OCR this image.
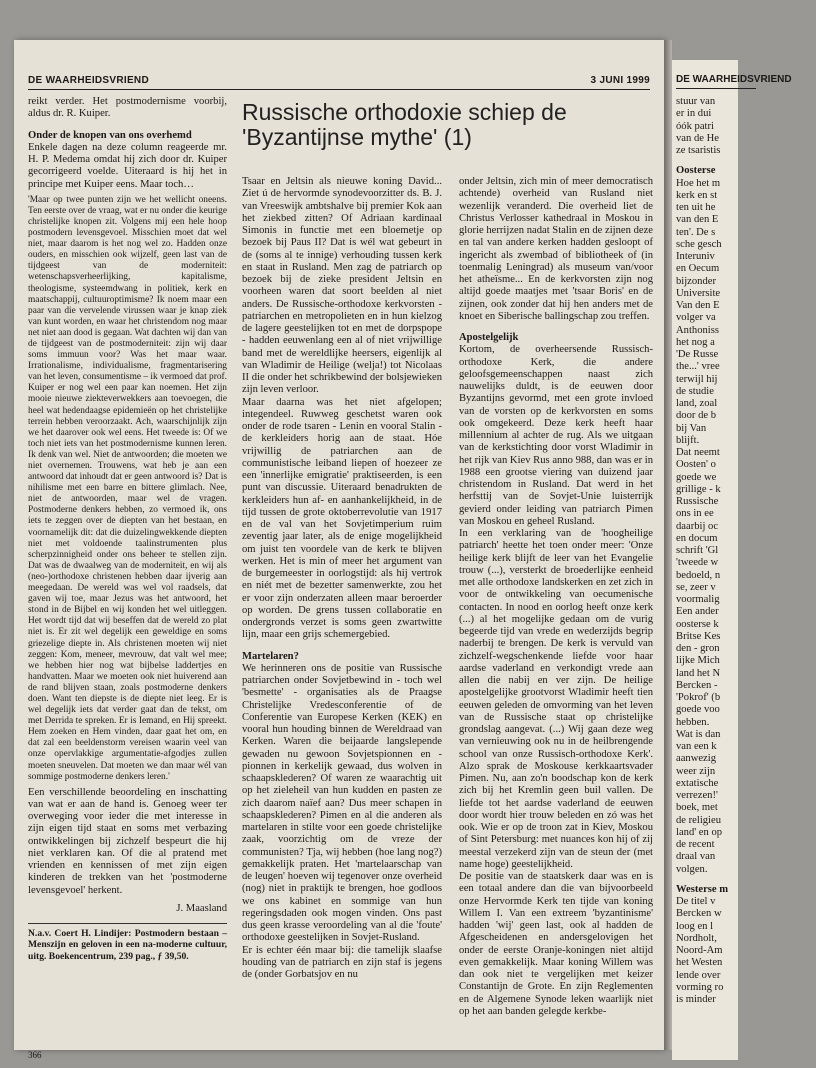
DE WAARHEIDSVRIEND	3 JUNI 1999

reikt verder. Het postmodernisme voorbij, aldus dr. R. Kuiper.

Onder de knopen van ons overhemd

Enkele dagen na deze column reageerde mr. H. P. Medema omdat hij zich door dr. Kuiper gecorrigeerd voelde. Uiteraard is hij het in principe met Kuiper eens. Maar toch…

'Maar op twee punten zijn we het wellicht oneens. Ten eerste over de vraag, wat er nu onder die keurige christelijke knopen zit. Volgens mij een hele hoop postmodern levensgevoel. Misschien moet dat wel niet, maar daarom is het nog wel zo. Hadden onze ouders, en misschien ook wijzelf, geen last van de tijdgeest van de moderniteit: wetenschapsverheerlijking, kapitalisme, theologisme, systeemdwang in politiek, kerk en maatschappij, cultuuroptimisme? Ik noem maar een paar van die vervelende virussen waar je knap ziek van kunt worden, en waar het christendom nog maar net niet aan dood is gegaan. Wat dachten wij dan van de tijdgeest van de postmoderniteit: zijn wij daar soms immuun voor? Was het maar waar. Irrationalisme, individualisme, fragmentarisering van het leven, consumentisme – ik vermoed dat prof. Kuiper er nog wel een paar kan noemen. Het zijn mooie nieuwe ziekteverwekkers aan toevoegen, die heel wat hedendaagse epidemieën op het christelijke terrein hebben veroorzaakt. Ach, waarschijnlijk zijn we het daarover ook wel eens. Het tweede is: Of we toch niet iets van het postmodernisme kunnen leren. Ik denk van wel. Niet de antwoorden; die moeten we niet overnemen. Trouwens, wat heb je aan een antwoord dat inhoudt dat er geen antwoord is? Dat is nihilisme met een barre en bittere glimlach. Nee, niet de antwoorden, maar wel de vragen. Postmoderne denkers hebben, zo vermoed ik, ons iets te zeggen over de diepten van het bestaan, en voornamelijk dit: dat die duizelingwekkende diepten niet met voldoende taalinstrumenten plus scherpzinnigheid onder ons beheer te stellen zijn. Dat was de dwaalweg van de moderniteit, en wij als (neo-)orthodoxe christenen hebben daar ijverig aan meegedaan. De wereld was wel vol raadsels, dat gaven wij toe, maar Jezus was het antwoord, het stond in de Bijbel en wij konden het wel uitleggen. Het wordt tijd dat wij beseffen dat de wereld zo plat niet is. Er zit wel degelijk een geweldige en soms griezelige diepte in. Als christenen moeten wij niet zeggen: Kom, meneer, mevrouw, dat valt wel mee; we hebben hier nog wat bijbelse laddertjes en handvatten. Maar we moeten ook niet huiverend aan de rand blijven staan, zoals postmoderne denkers doen. Want ten diepste is de diepte niet leeg. Er is wel degelijk iets dat verder gaat dan de tekst, om met Derrida te spreken. Er is Iemand, en Hij spreekt. Hem zoeken en Hem vinden, daar gaat het om, en dat zal een beeldenstorm vereisen waarin veel van onze opervlakkige argumentatie-afgodjes zullen moeten sneuvelen. Dat moeten we dan maar wél van sommige postmoderne denkers leren.'

Een verschillende beoordeling en inschatting van wat er aan de hand is. Genoeg weer ter overweging voor ieder die met interesse in zijn eigen tijd staat en soms met verbazing ontwikkelingen bij zichzelf bespeurt die hij niet verklaren kan. Of die al pratend met vrienden en kennissen of met zijn eigen kinderen de trekken van het 'postmoderne levensgevoel' herkent.

J. Maasland

N.a.v. Coert H. Lindijer: Postmodern bestaan – Menszijn en geloven in een na-moderne cultuur, uitg. Boekencentrum, 239 pag., ƒ 39,50.

Russische orthodoxie schiep de 'Byzantijnse mythe' (1)

Tsaar en Jeltsin als nieuwe koning David... Ziet ú de hervormde synodevoorzitter ds. B. J. van Vreeswijk ambtshalve bij premier Kok aan het ziekbed zitten? Of Adriaan kardinaal Simonis in functie met een bloemetje op bezoek bij Paus II? Dat is wél wat gebeurt in de (soms al te innige) verhouding tussen kerk en staat in Rusland. Men zag de patriarch op bezoek bij de zieke president Jeltsin en voorheen waren dat soort beelden al niet anders. De Russische-orthodoxe kerkvorsten - patriarchen en metropolieten en in hun kielzog de lagere geestelijken tot en met de dorpspope - hadden eeuwenlang een al of niet vrijwillige band met de wereldlijke heersers, eigenlijk al van Wladimir de Heilige (welja!) tot Nicolaas II die onder het schrikbewind der bolsjewieken zijn leven verloor.

Maar daarna was het niet afgelopen; integendeel. Ruwweg geschetst waren ook onder de rode tsaren - Lenin en vooral Stalin - de kerkleiders horig aan de staat. Hóe vrijwillig de patriarchen aan de communistische leiband liepen of hoezeer ze een 'innerlijke emigratie' praktiseerden, is een punt van discussie. Uiteraard benadrukten de kerkleiders hun af- en aanhankelijkheid, in de tijd tussen de grote oktoberrevolutie van 1917 en de val van het Sovjetimperium ruim zeventig jaar later, als de enige mogelijkheid om juist ten voordele van de kerk te blijven werken. Het is min of meer het argument van de burgemeester in oorlogstijd: als hij vertrok en niét met de bezetter samenwerkte, zou het er voor zijn onderzaten alleen maar beroerder op worden. De grens tussen collaboratie en ondergronds verzet is soms geen zwartwitte lijn, maar een grijs schemergebied.

Martelaren?

We herinneren ons de positie van Russische patriarchen onder Sovjetbewind in - toch wel 'besmette' - organisaties als de Praagse Christelijke Vredesconferentie of de Conferentie van Europese Kerken (KEK) en vooral hun houding binnen de Wereldraad van Kerken. Waren die beijaarde langslepende gewaden nu gewoon Sovjetspionnen en -pionnen in kerkelijk gewaad, dus wolven in schaapsklederen? Of waren ze waarachtig uit op het zieleheil van hun kudden en pasten ze zich daarom naïef aan? Dus meer schapen in schaapsklederen? Pimen en al die anderen als martelaren in stilte voor een goede christelijke zaak, voorzichtig om de vreze der communisten? Tja, wij hebben (hoe lang nog?) gemakkelijk praten. Het 'martelaarschap van de leugen' hoeven wij tegenover onze overheid (nog) niet in praktijk te brengen, hoe godloos we ons kabinet en sommige van hun regeringsdaden ook mogen vinden. Ons past dus geen krasse veroordeling van al die 'foute' orthodoxe geestelijken in Sovjet-Rusland.

Er is echter één maar bij: die tamelijk slaafse houding van de patriarch en zijn staf is jegens de (onder Gorbatsjov en nu

onder Jeltsin, zich min of meer democratisch achtende) overheid van Rusland niet wezenlijk veranderd. Die overheid liet de Christus Verlosser kathedraal in Moskou in glorie herrijzen nadat Stalin en de zijnen deze en tal van andere kerken hadden gesloopt of ingericht als zwembad of bibliotheek of (in toenmalig Leningrad) als museum van/voor het atheïsme... En de kerkvorsten zijn nog altijd goede maatjes met 'tsaar Boris' en de zijnen, ook zonder dat hij hen anders met de knoet en Siberische ballingschap zou treffen.

Apostelgelijk

Kortom, de overheersende Russisch-orthodoxe Kerk, die andere geloofsgemeenschappen naast zich nauwelijks duldt, is de eeuwen door Byzantijns gevormd, met een grote invloed van de vorsten op de kerkvorsten en soms ook omgekeerd. Deze kerk heeft haar millennium al achter de rug. Als we uitgaan van de kerkstichting door vorst Wladimir in het rijk van Kiev Rus anno 988, dan was er in 1988 een grootse viering van duizend jaar christendom in Rusland. Dat werd in het herfsttij van de Sovjet-Unie luisterrijk gevierd onder leiding van patriarch Pimen van Moskou en geheel Rusland.

In een verklaring van de 'hoogheilige patriarch' heette het toen onder meer: 'Onze heilige kerk blijft de leer van het Evangelie trouw (...), versterkt de broederlijke eenheid met alle orthodoxe landskerken en zet zich in voor de ontwikkeling van oecumenische contacten. In nood en oorlog heeft onze kerk (...) al het mogelijke gedaan om de vurig begeerde tijd van vrede en wederzijds begrip naderbij te brengen. De kerk is vervuld van zichzelf-wegschenkende liefde voor haar aardse vaderland en verkondigt vrede aan allen die nabij en ver zijn. De heilige apostelgelijke grootvorst Wladimir heeft tien eeuwen geleden de omvorming van het leven van de Russische staat op christelijke grondslag aangevat. (...) Wij gaan deze weg van vernieuwing ook nu in de heilbrengende school van onze Russisch-orthodoxe Kerk'. Alzo sprak de Moskouse kerkkaartsvader Pimen. Nu, aan zo'n boodschap kon de kerk zich bij het Kremlin geen buil vallen. De liefde tot het aardse vaderland de eeuwen door wordt hier trouw beleden en zó was het ook. Wie er op de troon zat in Kiev, Moskou of Sint Petersburg: met nuances kon hij of zij meestal verzekerd zijn van de steun der (met name hoge) geestelijkheid.

De positie van de staatskerk daar was en is een totaal andere dan die van bijvoorbeeld onze Hervormde Kerk ten tijde van koning Willem I. Van een extreem 'byzantinisme' hadden 'wij' geen last, ook al hadden de Afgescheidenen en andersgelovigen het onder de eerste Oranje-koningen niet altijd even gemakkelijk. Maar koning Willem was dan ook niet te vergelijken met keizer Constantijn de Grote. En zijn Reglementen en de Algemene Synode leken waarlijk niet op het aan banden gelegde kerkbe-

366
DE WAARHEIDSVRIEND
stuur van
er in dui
óók patri
van de He
ze tsaristis
Oosterse
Hoe het m
kerk en st
ten uit he
van den E
ten'. De s
sche gesch
Interuniv
en Oecum
bijzonder
Universite
Van den E
volger va
Anthoniss
het nog a
'De Russe
the...' vree
terwijl hij
de studie
land, zoal
door de b
bij Van
blijft.
Dat neemt
Oosten' o
goede we
grillige - k
Russische
ons in ee
daarbij oc
en docum
schrift 'Gl
'tweede w
bedoeld, n
se, zeer v
voormalig
Een ander
oosterse k
Britse Kes
den - gron
lijke Mich
land het N
Bercken -
'Pokrof' (b
goede voo
hebben.
Wat is dan
van een k
aanwezig
weer zijn
extatische
verrezen!'
boek, met
de religieu
land' en op
de recent
draal van
volgen.
Westerse m
De titel v
Bercken w
loog en l
Nordholt,
Noord-Am
het Westen
lende over
vorming ro
is minder
